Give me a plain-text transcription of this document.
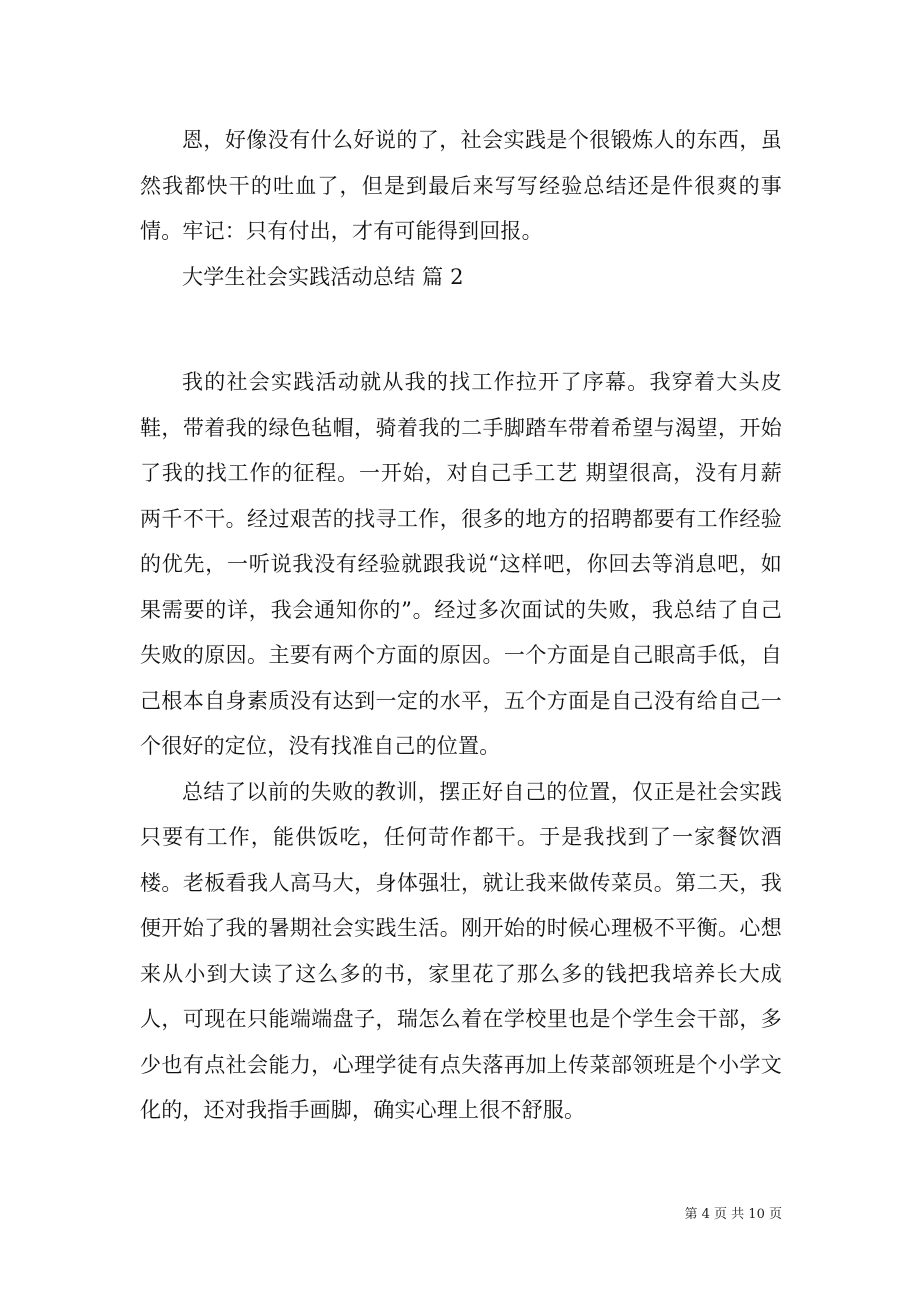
恩，好像没有什么好说的了，社会实践是个很锻炼人的东西，虽然我都快干的吐血了，但是到最后来写写经验总结还是件很爽的事情。牢记：只有付出，才有可能得到回报。

大学生社会实践活动总结 篇 2

我的社会实践活动就从我的找工作拉开了序幕。我穿着大头皮鞋，带着我的绿色毡帽，骑着我的二手脚踏车带着希望与渴望，开始了我的找工作的征程。一开始，对自己手工艺 期望很高，没有月薪两千不干。经过艰苦的找寻工作，很多的地方的招聘都要有工作经验的优先，一听说我没有经验就跟我说“这样吧，你回去等消息吧，如果需要的详，我会通知你的”。经过多次面试的失败，我总结了自己失败的原因。主要有两个方面的原因。一个方面是自己眼高手低，自己根本自身素质没有达到一定的水平，五个方面是自己没有给自己一个很好的定位，没有找准自己的位置。

总结了以前的失败的教训，摆正好自己的位置，仅正是社会实践只要有工作，能供饭吃，任何苛作都干。于是我找到了一家餐饮酒楼。老板看我人高马大，身体强壮，就让我来做传菜员。第二天，我便开始了我的暑期社会实践生活。刚开始的时候心理极不平衡。心想来从小到大读了这么多的书，家里花了那么多的钱把我培养长大成人，可现在只能端端盘子，瑞怎么着在学校里也是个学生会干部，多少也有点社会能力，心理学徒有点失落再加上传菜部领班是个小学文化的，还对我指手画脚，确实心理上很不舒服。

第 4 页 共 10 页
